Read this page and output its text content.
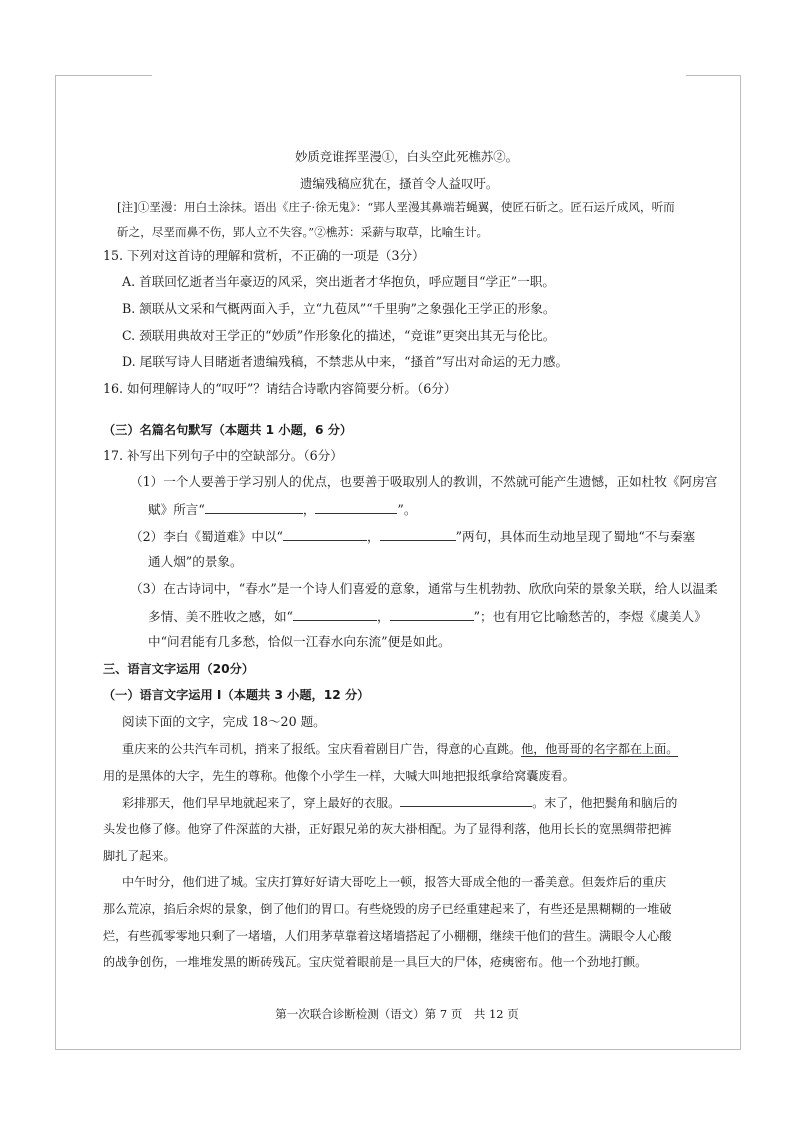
妙质竞谁挥垩漫①，白头空此死樵苏②。
遗编残稿应犹在，搔首令人益叹吁。
[注]①垩漫：用白土涂抹。语出《庄子·徐无鬼》：“郢人垩漫其鼻端若蝇翼，使匠石斫之。匠石运斤成风，听而
斫之，尽垩而鼻不伤，郢人立不失容。”②樵苏：采薪与取草，比喻生计。
15. 下列对这首诗的理解和赏析，不正确的一项是（3分）
A. 首联回忆逝者当年豪迈的风采，突出逝者才华抱负，呼应题目“学正”一职。
B. 颔联从文采和气概两面入手，立“九苞凤”“千里驹”之象强化王学正的形象。
C. 颈联用典故对王学正的“妙质”作形象化的描述，“竞谁”更突出其无与伦比。
D. 尾联写诗人目睹逝者遗编残稿，不禁悲从中来，“搔首”写出对命运的无力感。
16. 如何理解诗人的“叹吁”？请结合诗歌内容简要分析。（6分）
（三）名篇名句默写（本题共 1 小题，6 分）
17. 补写出下列句子中的空缺部分。（6分）
（1）一个人要善于学习别人的优点，也要善于吸取别人的教训，不然就可能产生遗憾，正如杜牧《阿房宫
赋》所言“	，	”。
（2）李白《蜀道难》中以“	，	”两句，具体而生动地呈现了蜀地“不与秦塞
通人烟”的景象。
（3）在古诗词中，“春水”是一个诗人们喜爱的意象，通常与生机勃勃、欣欣向荣的景象关联，给人以温柔
多情、美不胜收之感，如“	，	”；也有用它比喻愁苦的，李煜《虞美人》
中“问君能有几多愁，恰似一江春水向东流”便是如此。
三、语言文字运用（20分）
（一）语言文字运用 Ⅰ（本题共 3 小题，12 分）
阅读下面的文字，完成 18～20 题。
重庆来的公共汽车司机，捎来了报纸。宝庆看着剧目广告，得意的心直跳。他，他哥哥的名字都在上面。
用的是黑体的大字，先生的尊称。他像个小学生一样，大喊大叫地把报纸拿给窝囊废看。
彩排那天，他们早早地就起来了，穿上最好的衣服。	。末了，他把鬓角和脑后的
头发也修了修。他穿了件深蓝的大褂，正好跟兄弟的灰大褂相配。为了显得利落，他用长长的宽黑绸带把裤
脚扎了起来。
中午时分，他们进了城。宝庆打算好好请大哥吃上一顿，报答大哥成全他的一番美意。但轰炸后的重庆
那么荒凉，掐后余烬的景象，倒了他们的胃口。有些烧毁的房子已经重建起来了，有些还是黑糊糊的一堆破
烂，有些孤零零地只剩了一堵墙，人们用茅草靠着这堵墙搭起了小棚棚，继续干他们的营生。满眼令人心酸
的战争创伤，一堆堆发黑的断砖残瓦。宝庆觉着眼前是一具巨大的尸体，疮痍密布。他一个劲地打颤。
第一次联合诊断检测（语文）第 7 页　共 12 页
